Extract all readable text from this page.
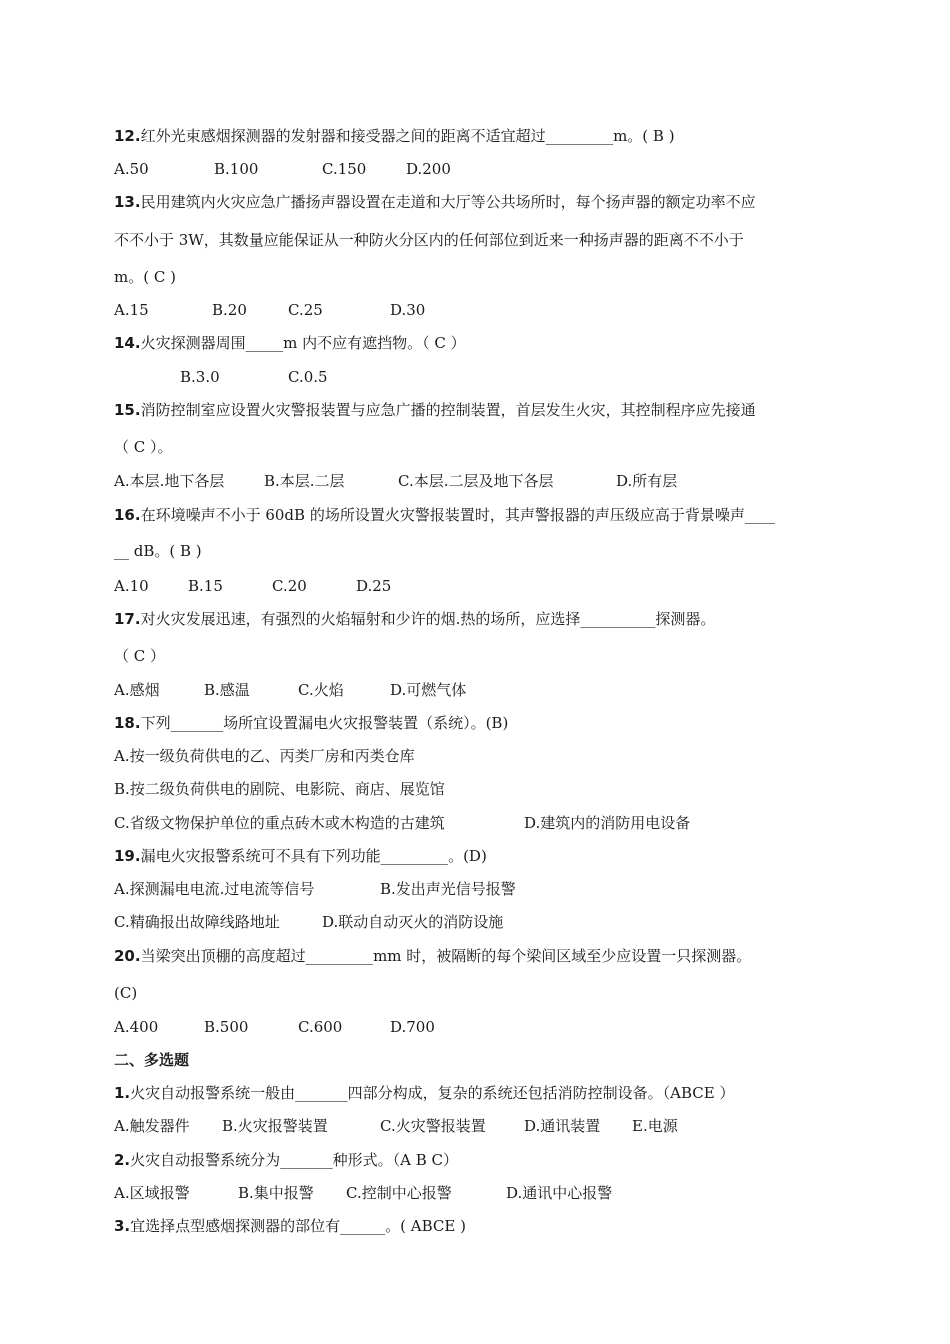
12.红外光束感烟探测器的发射器和接受器之间的距离不适宜超过_________m。( B )
A.50	B.100	C.150	D.200
13.民用建筑内火灾应急广播扬声器设置在走道和大厅等公共场所时，每个扬声器的额定功率不应
不不小于 3W，其数量应能保证从一种防火分区内的任何部位到近来一种扬声器的距离不不小于
m。( C )
A.15	B.20	C.25	D.30
14.火灾探测器周围_____m 内不应有遮挡物。（ C ）
B.3.0	C.0.5
15.消防控制室应设置火灾警报装置与应急广播的控制装置，首层发生火灾，其控制程序应先接通
（ C ）。
A.本层.地下各层	B.本层.二层	C.本层.二层及地下各层	D.所有层
16.在环境噪声不小于 60dB 的场所设置火灾警报装置时，其声警报器的声压级应高于背景噪声____
__ dB。( B )
A.10	B.15	C.20	D.25
17.对火灾发展迅速，有强烈的火焰辐射和少许的烟.热的场所，应选择__________探测器。
（ C ）
A.感烟	B.感温	C.火焰	D.可燃气体
18.下列_______场所宜设置漏电火灾报警装置（系统）。(B)
A.按一级负荷供电的乙、丙类厂房和丙类仓库
B.按二级负荷供电的剧院、电影院、商店、展览馆
C.省级文物保护单位的重点砖木或木构造的古建筑	D.建筑内的消防用电设备
19.漏电火灾报警系统可不具有下列功能_________。(D)
A.探测漏电电流.过电流等信号	B.发出声光信号报警
C.精确报出故障线路地址	D.联动自动灭火的消防设施
20.当梁突出顶棚的高度超过_________mm 时，被隔断的每个梁间区域至少应设置一只探测器。
(C)
A.400	B.500	C.600	D.700
二、多选题
1.火灾自动报警系统一般由_______四部分构成，复杂的系统还包括消防控制设备。（ABCE ）
A.触发器件 B.火灾报警装置	C.火灾警报装置	D.通讯装置 E.电源
2.火灾自动报警系统分为_______种形式。（A B C）
A.区域报警	B.集中报警 C.控制中心报警	D.通讯中心报警
3.宜选择点型感烟探测器的部位有______。( ABCE )
